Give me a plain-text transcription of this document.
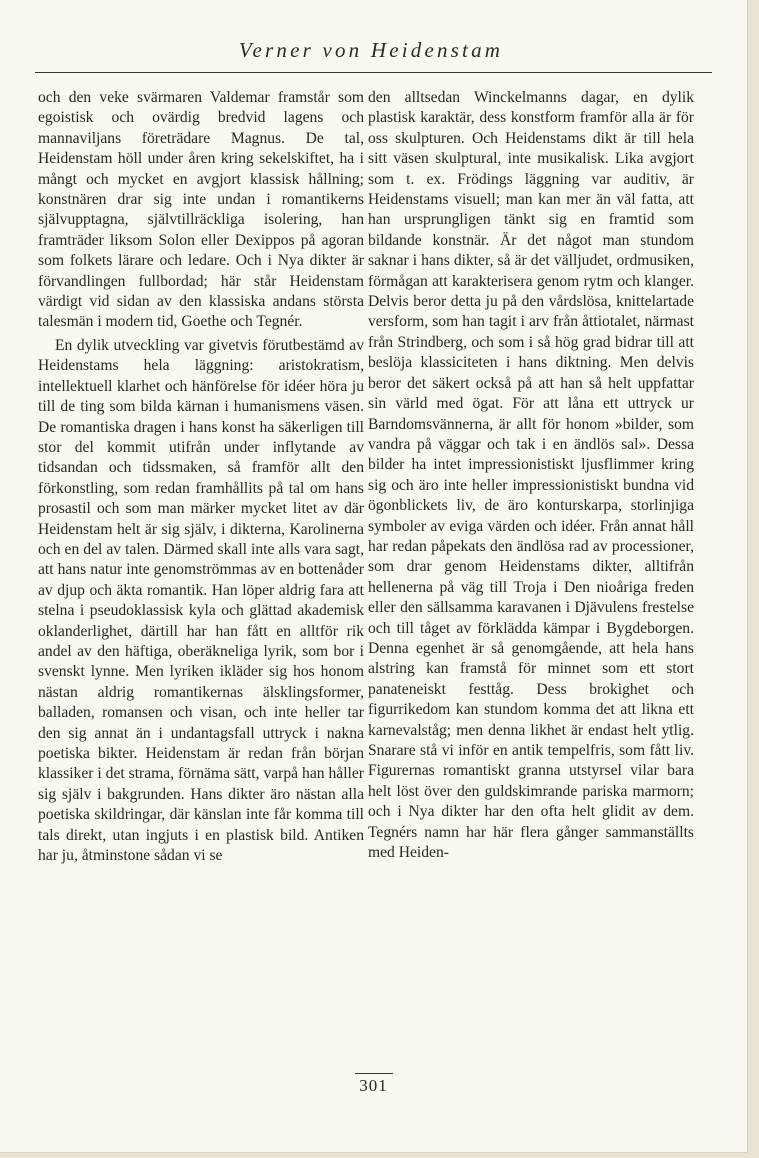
Verner von Heidenstam

och den veke svärmaren Valdemar framstår som egoistisk och ovärdig bredvid lagens och mannaviljans företrädare Magnus. De tal, Heidenstam höll under åren kring sekelskiftet, ha i mångt och mycket en avgjort klassisk hållning; konstnären drar sig inte undan i romantikerns självupptagna, självtillräckliga isolering, han framträder liksom Solon eller Dexippos på agoran som folkets lärare och ledare. Och i Nya dikter är förvandlingen fullbordad; här står Heidenstam värdigt vid sidan av den klassiska andans största talesmän i modern tid, Goethe och Tegnér.

En dylik utveckling var givetvis förutbestämd av Heidenstams hela läggning: aristokratism, intellektuell klarhet och hänförelse för idéer höra ju till de ting som bilda kärnan i humanismens väsen. De romantiska dragen i hans konst ha säkerligen till stor del kommit utifrån under inflytande av tidsandan och tidssmaken, så framför allt den förkonstling, som redan framhållits på tal om hans prosastil och som man märker mycket litet av där Heidenstam helt är sig själv, i dikterna, Karolinerna och en del av talen. Därmed skall inte alls vara sagt, att hans natur inte genomströmmas av en bottenåder av djup och äkta romantik. Han löper aldrig fara att stelna i pseudoklassisk kyla och glättad akademisk oklanderlighet, därtill har han fått en alltför rik andel av den häftiga, oberäkneliga lyrik, som bor i svenskt lynne. Men lyriken ikläder sig hos honom nästan aldrig romantikernas älsklingsformer, balladen, romansen och visan, och inte heller tar den sig annat än i undantagsfall uttryck i nakna poetiska bikter. Heidenstam är redan från början klassiker i det strama, förnäma sätt, varpå han håller sig själv i bakgrunden. Hans dikter äro nästan alla poetiska skildringar, där känslan inte får komma till tals direkt, utan ingjuts i en plastisk bild. Antiken har ju, åtminstone sådan vi se

den alltsedan Winckelmanns dagar, en dylik plastisk karaktär, dess konstform framför alla är för oss skulpturen. Och Heidenstams dikt är till hela sitt väsen skulptural, inte musikalisk. Lika avgjort som t. ex. Frödings läggning var auditiv, är Heidenstams visuell; man kan mer än väl fatta, att han ursprungligen tänkt sig en framtid som bildande konstnär. Är det något man stundom saknar i hans dikter, så är det välljudet, ordmusiken, förmågan att karakterisera genom rytm och klanger. Delvis beror detta ju på den vårdslösa, knittelartade versform, som han tagit i arv från åttiotalet, närmast från Strindberg, och som i så hög grad bidrar till att beslöja klassiciteten i hans diktning. Men delvis beror det säkert också på att han så helt uppfattar sin värld med ögat. För att låna ett uttryck ur Barndomsvännerna, är allt för honom »bilder, som vandra på väggar och tak i en ändlös sal». Dessa bilder ha intet impressionistiskt ljusflimmer kring sig och äro inte heller impressionistiskt bundna vid ögonblickets liv, de äro konturskarpa, storlinjiga symboler av eviga värden och idéer. Från annat håll har redan påpekats den ändlösa rad av processioner, som drar genom Heidenstams dikter, alltifrån hellenerna på väg till Troja i Den nioåriga freden eller den sällsamma karavanen i Djävulens frestelse och till tåget av förklädda kämpar i Bygdeborgen. Denna egenhet är så genomgående, att hela hans alstring kan framstå för minnet som ett stort panateneiskt festtåg. Dess brokighet och figurrikedom kan stundom komma det att likna ett karnevalståg; men denna likhet är endast helt ytlig. Snarare stå vi inför en antik tempelfris, som fått liv. Figurernas romantiskt granna utstyrsel vilar bara helt löst över den guldskimrande pariska marmorn; och i Nya dikter har den ofta helt glidit av dem. Tegnérs namn har här flera gånger sammanställts med Heiden-

301
